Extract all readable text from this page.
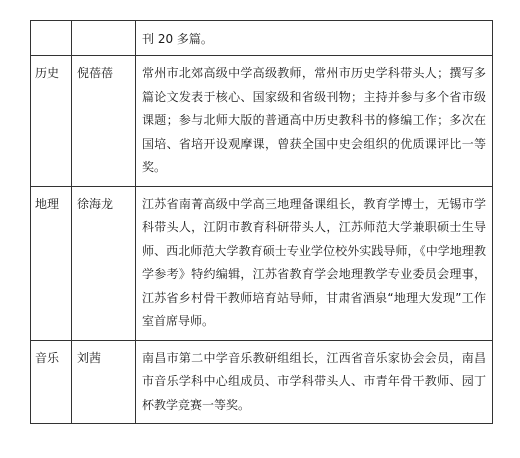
		刊 20 多篇。
历史	倪蓓蓓	常州市北郊高级中学高级教师，常州市历史学科带头人；撰写多篇论文发表于核心、国家级和省级刊物；主持并参与多个省市级课题；参与北师大版的普通高中历史教科书的修编工作；多次在国培、省培开设观摩课，曾获全国中史会组织的优质课评比一等奖。
地理	徐海龙	江苏省南菁高级中学高三地理备课组长，教育学博士，无锡市学科带头人，江阴市教育科研带头人，江苏师范大学兼职硕士生导师、西北师范大学教育硕士专业学位校外实践导师，《中学地理教学参考》特约编辑，江苏省教育学会地理教学专业委员会理事，江苏省乡村骨干教师培育站导师，甘肃省酒泉“地理大发现”工作室首席导师。
音乐	刘茜	南昌市第二中学音乐教研组组长，江西省音乐家协会会员，南昌市音乐学科中心组成员、市学科带头人、市青年骨干教师、园丁杯教学竞赛一等奖。
